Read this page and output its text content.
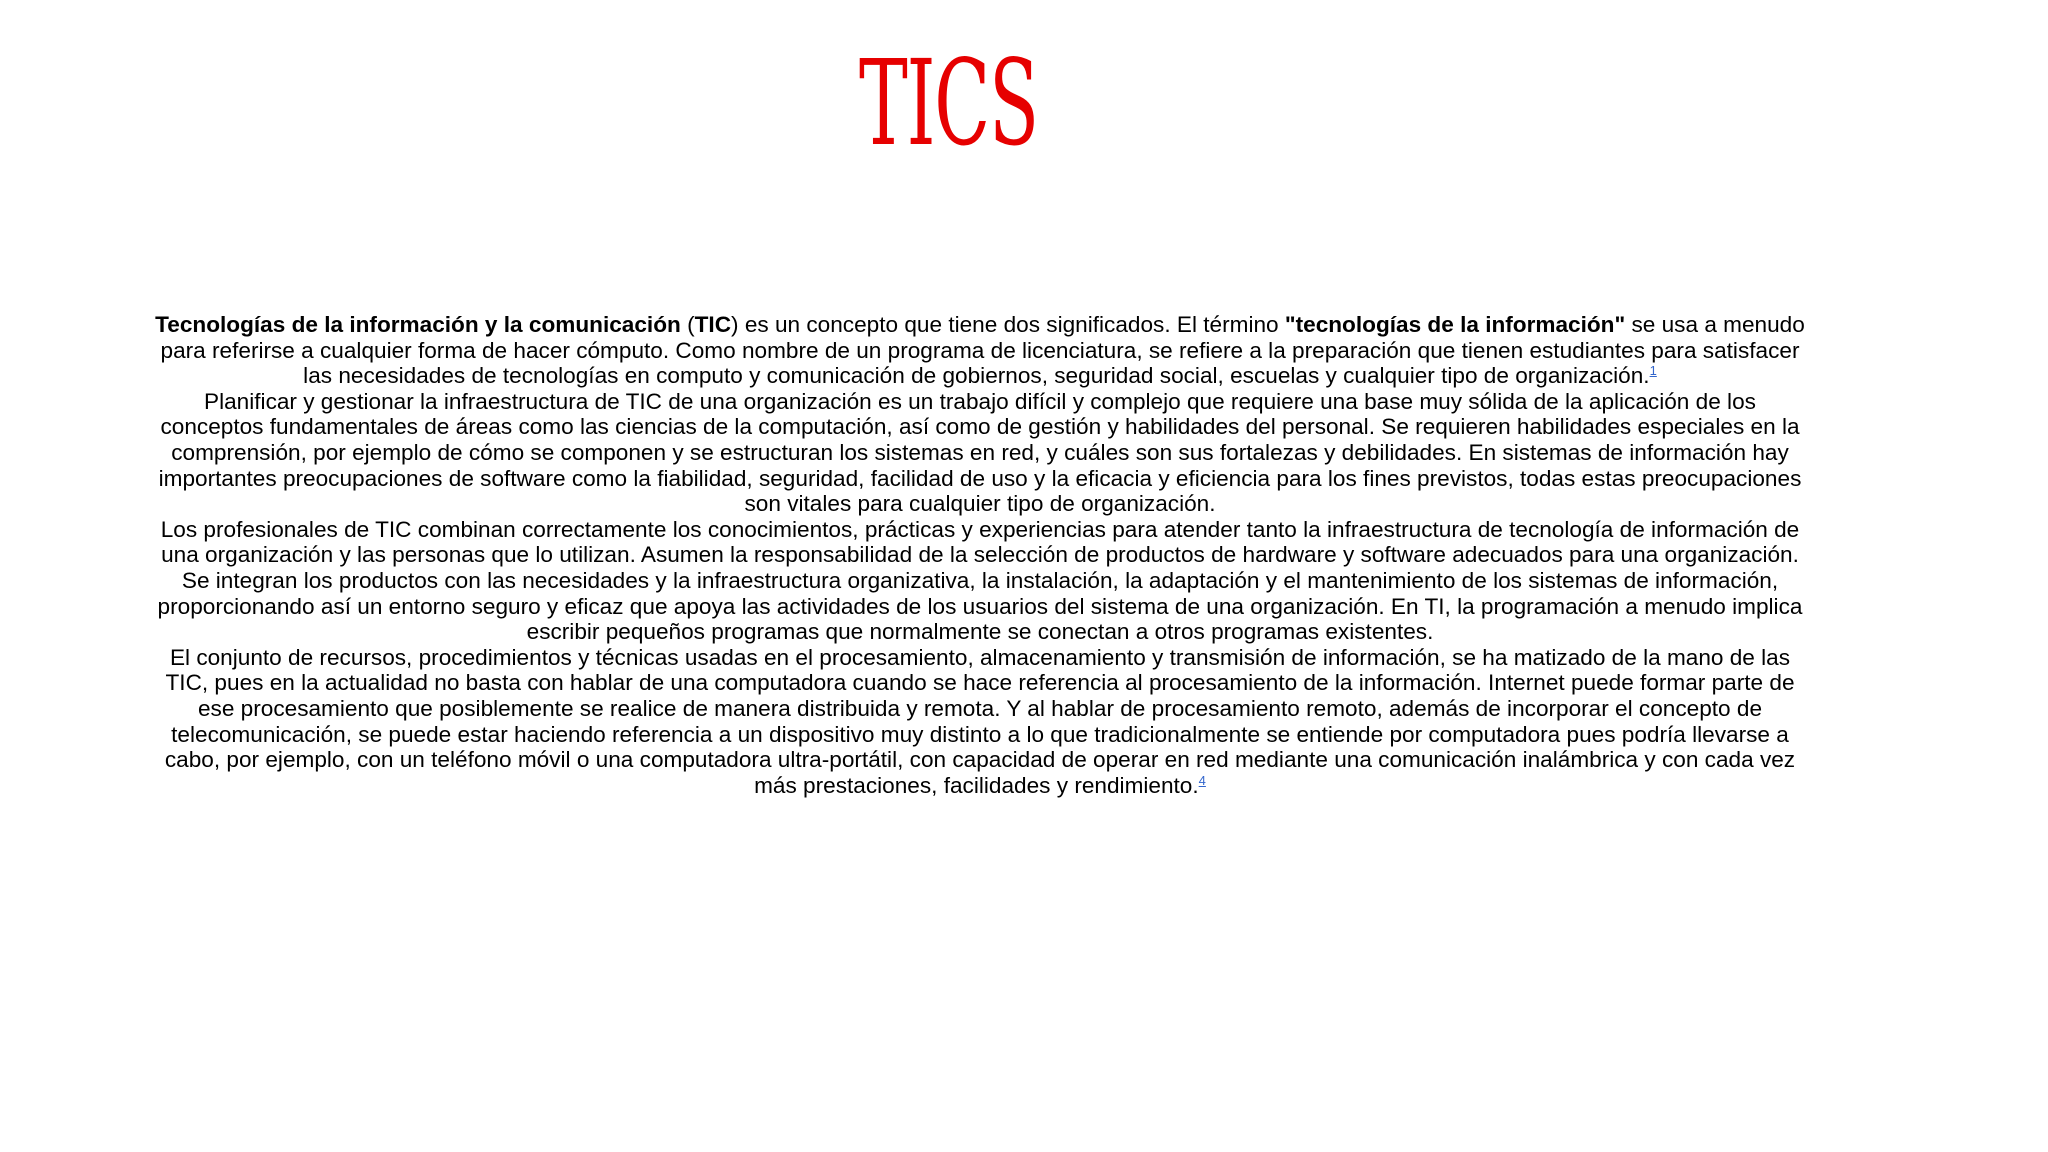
TICS

Tecnologías de la información y la comunicación (TIC) es un concepto que tiene dos significados. El término "tecnologías de la información" se usa a menudo para referirse a cualquier forma de hacer cómputo. Como nombre de un programa de licenciatura, se refiere a la preparación que tienen estudiantes para satisfacer las necesidades de tecnologías en computo y comunicación de gobiernos, seguridad social, escuelas y cualquier tipo de organización.$^1$

Planificar y gestionar la infraestructura de TIC de una organización es un trabajo difícil y complejo que requiere una base muy sólida de la aplicación de los conceptos fundamentales de áreas como las ciencias de la computación, así como de gestión y habilidades del personal. Se requieren habilidades especiales en la comprensión, por ejemplo de cómo se componen y se estructuran los sistemas en red, y cuáles son sus fortalezas y debilidades. En sistemas de información hay importantes preocupaciones de software como la fiabilidad, seguridad, facilidad de uso y la eficacia y eficiencia para los fines previstos, todas estas preocupaciones son vitales para cualquier tipo de organización.

Los profesionales de TIC combinan correctamente los conocimientos, prácticas y experiencias para atender tanto la infraestructura de tecnología de información de una organización y las personas que lo utilizan. Asumen la responsabilidad de la selección de productos de hardware y software adecuados para una organización. Se integran los productos con las necesidades y la infraestructura organizativa, la instalación, la adaptación y el mantenimiento de los sistemas de información, proporcionando así un entorno seguro y eficaz que apoya las actividades de los usuarios del sistema de una organización. En TI, la programación a menudo implica escribir pequeños programas que normalmente se conectan a otros programas existentes.

El conjunto de recursos, procedimientos y técnicas usadas en el procesamiento, almacenamiento y transmisión de información, se ha matizado de la mano de las TIC, pues en la actualidad no basta con hablar de una computadora cuando se hace referencia al procesamiento de la información. Internet puede formar parte de ese procesamiento que posiblemente se realice de manera distribuida y remota. Y al hablar de procesamiento remoto, además de incorporar el concepto de telecomunicación, se puede estar haciendo referencia a un dispositivo muy distinto a lo que tradicionalmente se entiende por computadora pues podría llevarse a cabo, por ejemplo, con un teléfono móvil o una computadora ultra-portátil, con capacidad de operar en red mediante una comunicación inalámbrica y con cada vez más prestaciones, facilidades y rendimiento.$^4$
